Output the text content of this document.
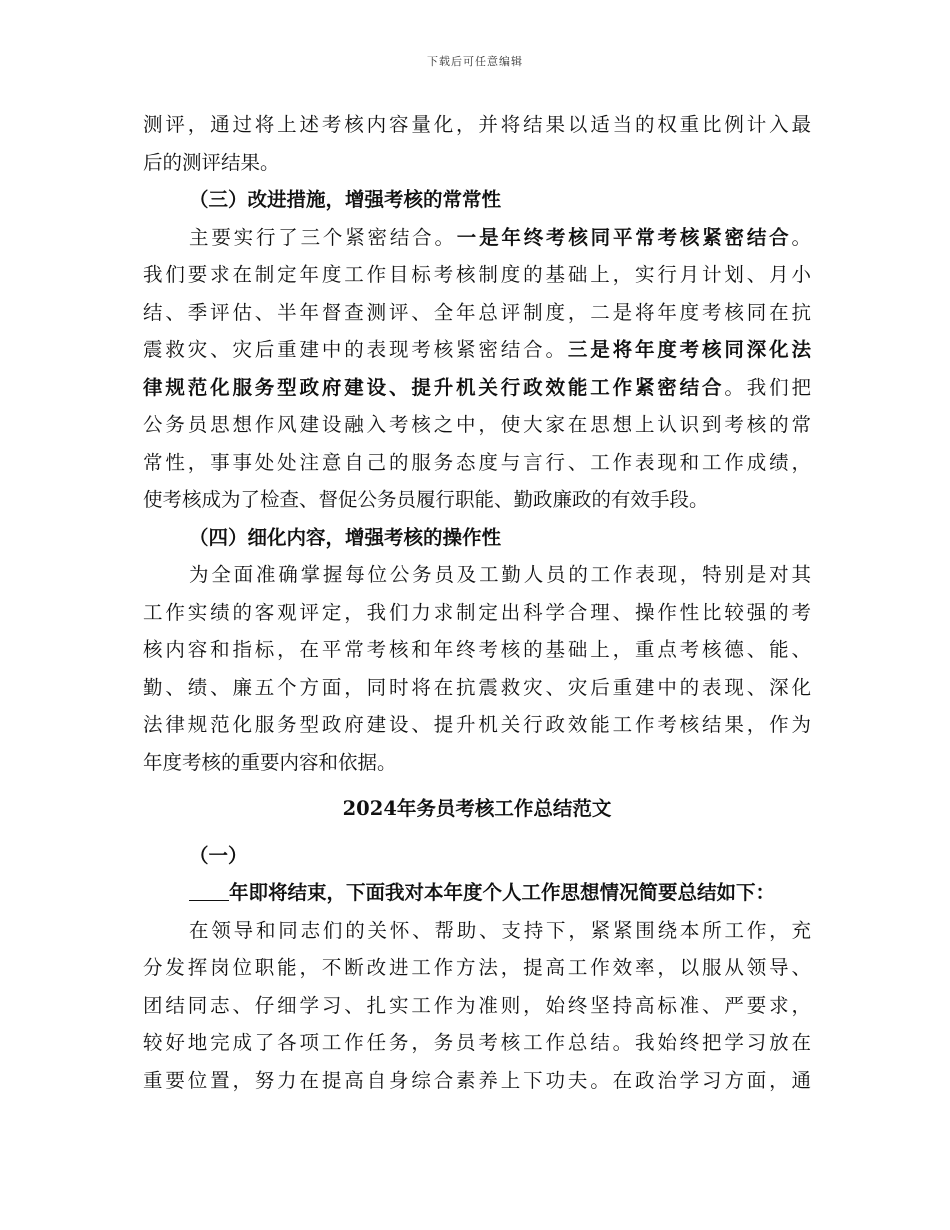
下载后可任意编辑
测评，通过将上述考核内容量化，并将结果以适当的权重比例计入最
后的测评结果。
（三）改进措施，增强考核的常常性
主要实行了三个紧密结合。一是年终考核同平常考核紧密结合。
我们要求在制定年度工作目标考核制度的基础上，实行月计划、月小
结、季评估、半年督查测评、全年总评制度，二是将年度考核同在抗
震救灾、灾后重建中的表现考核紧密结合。三是将年度考核同深化法
律规范化服务型政府建设、提升机关行政效能工作紧密结合。我们把
公务员思想作风建设融入考核之中，使大家在思想上认识到考核的常
常性，事事处处注意自己的服务态度与言行、工作表现和工作成绩，
使考核成为了检查、督促公务员履行职能、勤政廉政的有效手段。
（四）细化内容，增强考核的操作性
为全面准确掌握每位公务员及工勤人员的工作表现，特别是对其
工作实绩的客观评定，我们力求制定出科学合理、操作性比较强的考
核内容和指标，在平常考核和年终考核的基础上，重点考核德、能、
勤、绩、廉五个方面，同时将在抗震救灾、灾后重建中的表现、深化
法律规范化服务型政府建设、提升机关行政效能工作考核结果，作为
年度考核的重要内容和依据。
2024年务员考核工作总结范文
（一）
年即将结束，下面我对本年度个人工作思想情况简要总结如下：
在领导和同志们的关怀、帮助、支持下，紧紧围绕本所工作，充
分发挥岗位职能，不断改进工作方法，提高工作效率，以服从领导、
团结同志、仔细学习、扎实工作为准则，始终坚持高标准、严要求，
较好地完成了各项工作任务，务员考核工作总结。我始终把学习放在
重要位置，努力在提高自身综合素养上下功夫。在政治学习方面，通
